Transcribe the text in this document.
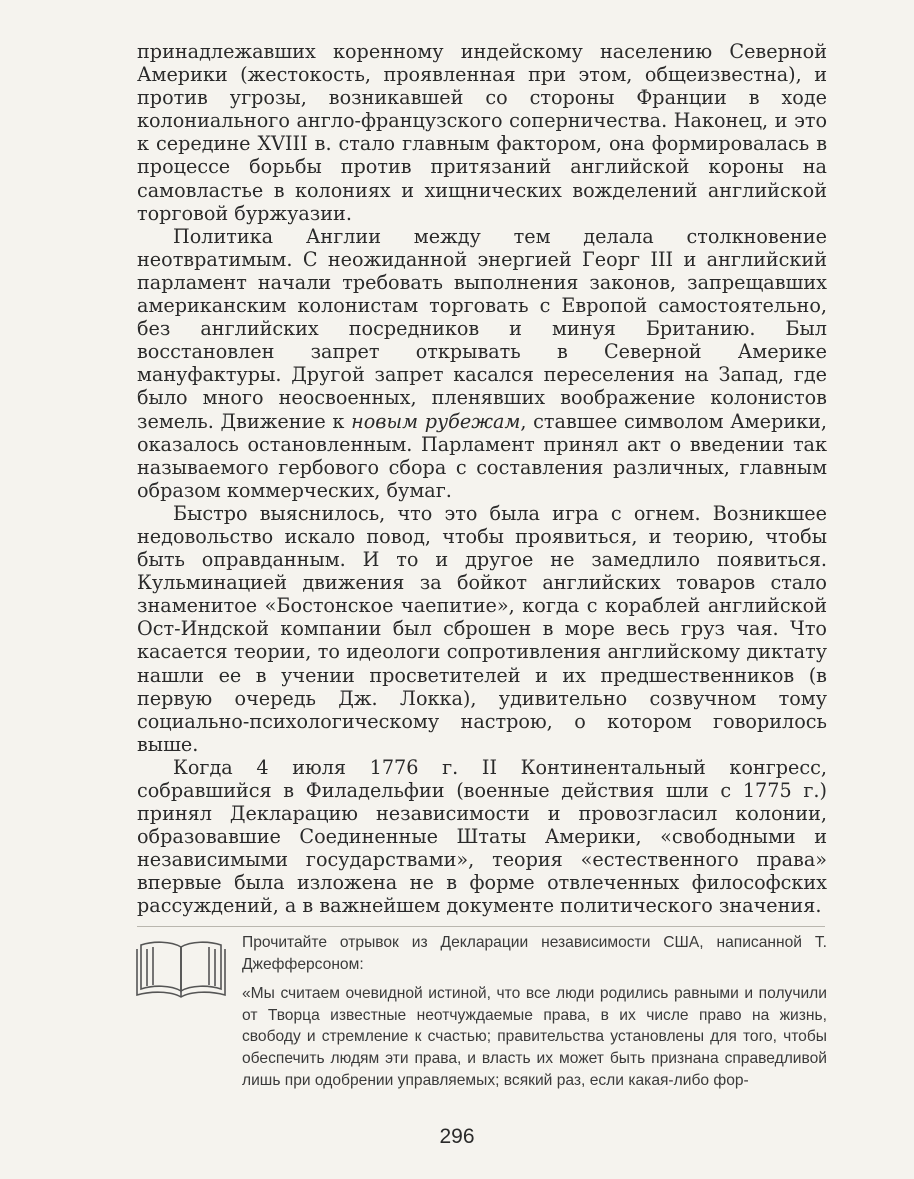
принадлежавших коренному индейскому населению Северной Америки (жестокость, проявленная при этом, общеизвестна), и против угрозы, возникавшей со стороны Франции в ходе колониального англо-французского соперничества. Наконец, и это к середине XVIII в. стало главным фактором, она формировалась в процессе борьбы против притязаний английской короны на самовластье в колониях и хищнических вожделений английской торговой буржуазии.

Политика Англии между тем делала столкновение неотвратимым. С неожиданной энергией Георг III и английский парламент начали требовать выполнения законов, запрещавших американским колонистам торговать с Европой самостоятельно, без английских посредников и минуя Британию. Был восстановлен запрет открывать в Северной Америке мануфактуры. Другой запрет касался переселения на Запад, где было много неосвоенных, пленявших воображение колонистов земель. Движение к новым рубежам, ставшее символом Америки, оказалось остановленным. Парламент принял акт о введении так называемого гербового сбора с составления различных, главным образом коммерческих, бумаг.

Быстро выяснилось, что это была игра с огнем. Возникшее недовольство искало повод, чтобы проявиться, и теорию, чтобы быть оправданным. И то и другое не замедлило появиться. Кульминацией движения за бойкот английских товаров стало знаменитое «Бостонское чаепитие», когда с кораблей английской Ост-Индской компании был сброшен в море весь груз чая. Что касается теории, то идеологи сопротивления английскому диктату нашли ее в учении просветителей и их предшественников (в первую очередь Дж. Локка), удивительно созвучном тому социально-психологическому настрою, о котором говорилось выше.

Когда 4 июля 1776 г. II Континентальный конгресс, собравшийся в Филадельфии (военные действия шли с 1775 г.) принял Декларацию независимости и провозгласил колонии, образовавшие Соединенные Штаты Америки, «свободными и независимыми государствами», теория «естественного права» впервые была изложена не в форме отвлеченных философских рассуждений, а в важнейшем документе политического значения.

Прочитайте отрывок из Декларации независимости США, написанной Т. Джефферсоном:

«Мы считаем очевидной истиной, что все люди родились равными и получили от Творца известные неотчуждаемые права, в их числе право на жизнь, свободу и стремление к счастью; правительства установлены для того, чтобы обеспечить людям эти права, и власть их может быть признана справедливой лишь при одобрении управляемых; всякий раз, если какая-либо фор-

296
